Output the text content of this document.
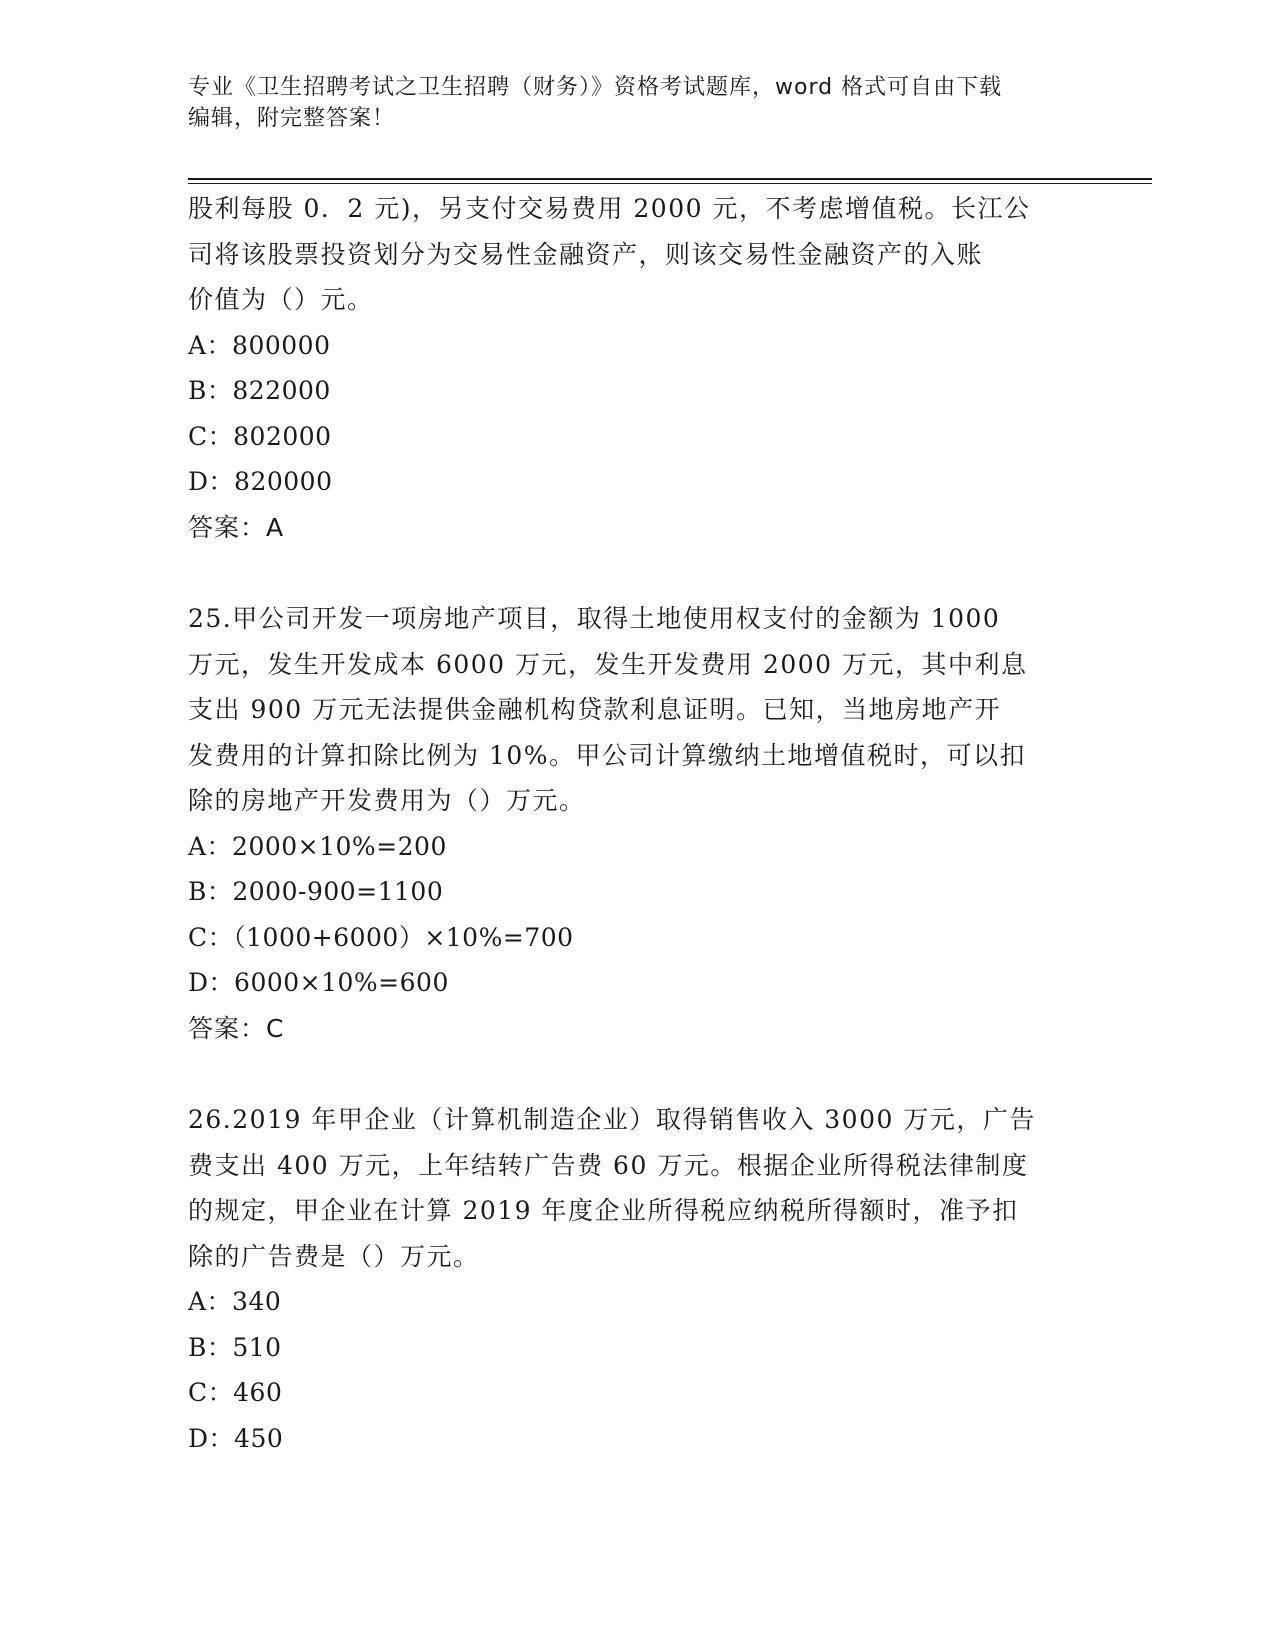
专业《卫生招聘考试之卫生招聘（财务）》资格考试题库，word 格式可自由下载
编辑，附完整答案！

股利每股 0．2 元)，另支付交易费用 2000 元，不考虑增值税。长江公

司将该股票投资划分为交易性金融资产，则该交易性金融资产的入账

价值为（）元。

A：800000

B：822000

C：802000

D：820000

答案：A

25.甲公司开发一项房地产项目，取得土地使用权支付的金额为 1000

万元，发生开发成本 6000 万元，发生开发费用 2000 万元，其中利息

支出 900 万元无法提供金融机构贷款利息证明。已知，当地房地产开

发费用的计算扣除比例为 10%。甲公司计算缴纳土地增值税时，可以扣

除的房地产开发费用为（）万元。

A：2000×10%=200

B：2000-900=1100

C：（1000+6000）×10%=700

D：6000×10%=600

答案：C

26.2019 年甲企业（计算机制造企业）取得销售收入 3000 万元，广告

费支出 400 万元，上年结转广告费 60 万元。根据企业所得税法律制度

的规定，甲企业在计算 2019 年度企业所得税应纳税所得额时，准予扣

除的广告费是（）万元。

A：340

B：510

C：460

D：450
